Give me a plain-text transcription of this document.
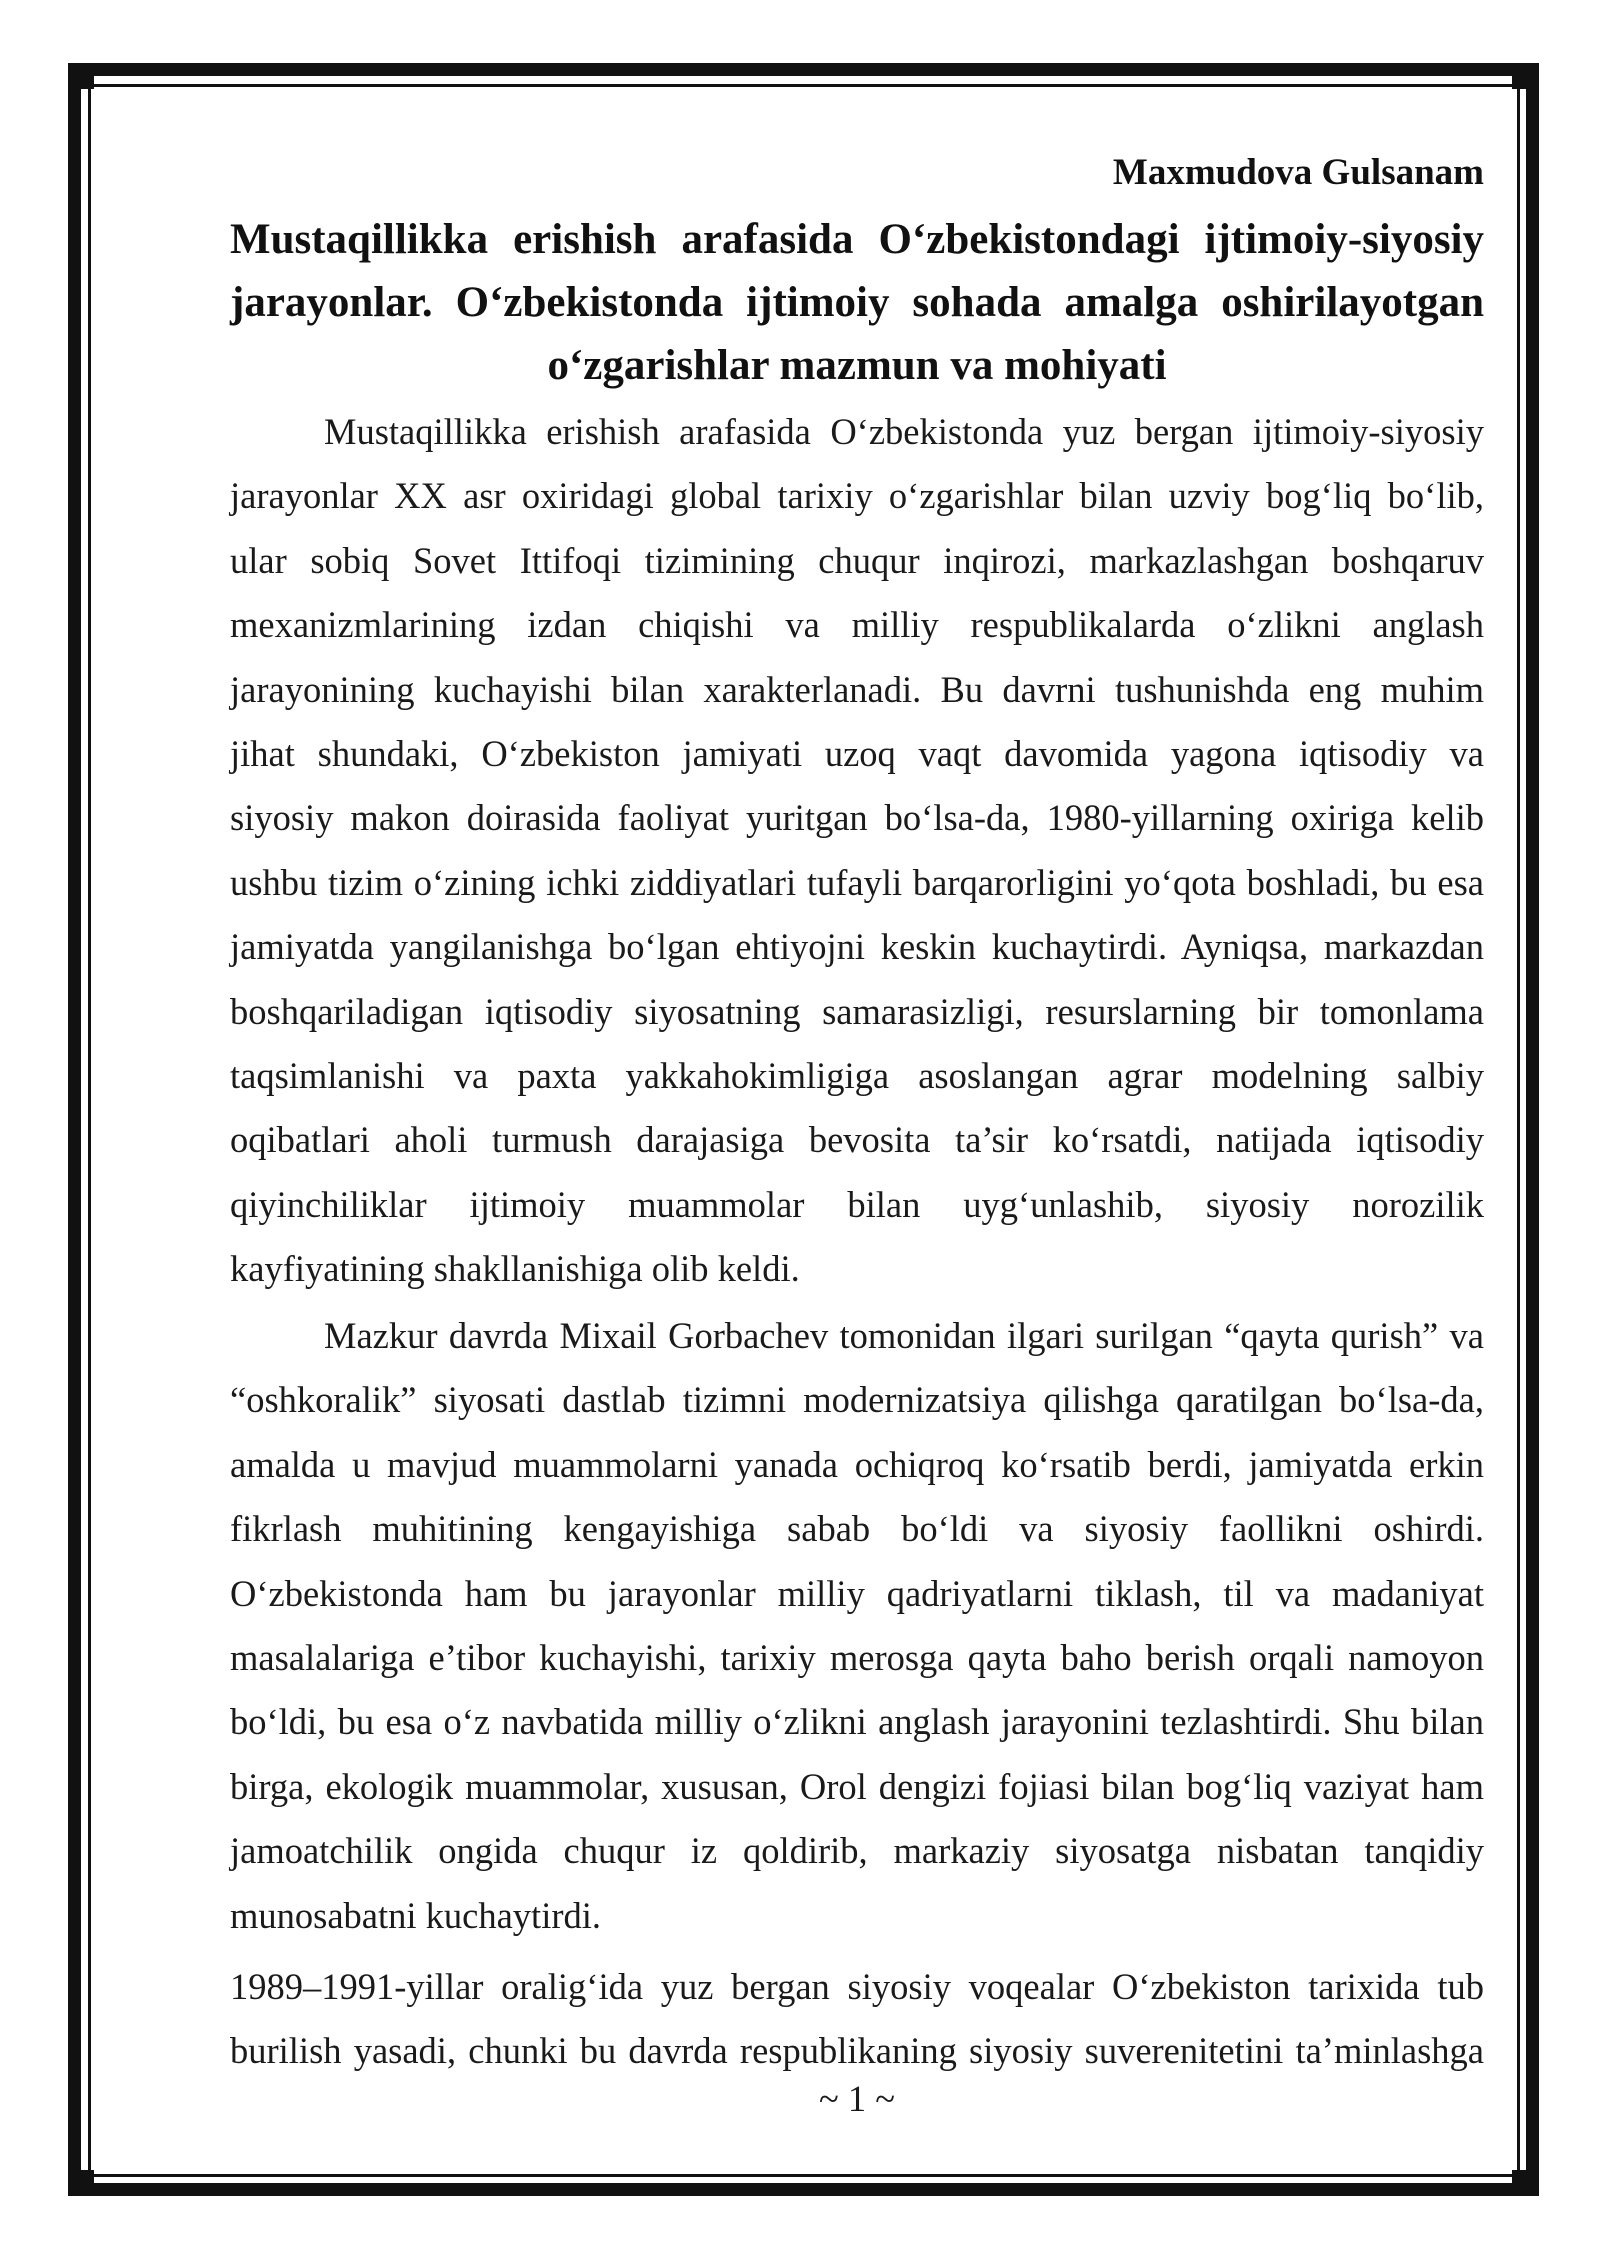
Maxmudova Gulsanam
Mustaqillikka erishish arafasida O‘zbekistondagi ijtimoiy-siyosiy
jarayonlar. O‘zbekistonda ijtimoiy sohada amalga oshirilayotgan
o‘zgarishlar mazmun va mohiyati
Mustaqillikka erishish arafasida O‘zbekistonda yuz bergan ijtimoiy-siyosiy
jarayonlar XX asr oxiridagi global tarixiy o‘zgarishlar bilan uzviy bog‘liq bo‘lib,
ular sobiq Sovet Ittifoqi tizimining chuqur inqirozi, markazlashgan boshqaruv
mexanizmlarining izdan chiqishi va milliy respublikalarda o‘zlikni anglash
jarayonining kuchayishi bilan xarakterlanadi. Bu davrni tushunishda eng muhim
jihat shundaki, O‘zbekiston jamiyati uzoq vaqt davomida yagona iqtisodiy va
siyosiy makon doirasida faoliyat yuritgan bo‘lsa-da, 1980-yillarning oxiriga kelib
ushbu tizim o‘zining ichki ziddiyatlari tufayli barqarorligini yo‘qota boshladi, bu esa
jamiyatda yangilanishga bo‘lgan ehtiyojni keskin kuchaytirdi. Ayniqsa, markazdan
boshqariladigan iqtisodiy siyosatning samarasizligi, resurslarning bir tomonlama
taqsimlanishi va paxta yakkahokimligiga asoslangan agrar modelning salbiy
oqibatlari aholi turmush darajasiga bevosita ta’sir ko‘rsatdi, natijada iqtisodiy
qiyinchiliklar ijtimoiy muammolar bilan uyg‘unlashib, siyosiy norozilik
kayfiyatining shakllanishiga olib keldi.
Mazkur davrda Mixail Gorbachev tomonidan ilgari surilgan “qayta qurish” va
“oshkoralik” siyosati dastlab tizimni modernizatsiya qilishga qaratilgan bo‘lsa-da,
amalda u mavjud muammolarni yanada ochiqroq ko‘rsatib berdi, jamiyatda erkin
fikrlash muhitining kengayishiga sabab bo‘ldi va siyosiy faollikni oshirdi.
O‘zbekistonda ham bu jarayonlar milliy qadriyatlarni tiklash, til va madaniyat
masalalariga e’tibor kuchayishi, tarixiy merosga qayta baho berish orqali namoyon
bo‘ldi, bu esa o‘z navbatida milliy o‘zlikni anglash jarayonini tezlashtirdi. Shu bilan
birga, ekologik muammolar, xususan, Orol dengizi fojiasi bilan bog‘liq vaziyat ham
jamoatchilik ongida chuqur iz qoldirib, markaziy siyosatga nisbatan tanqidiy
munosabatni kuchaytirdi.
1989–1991-yillar oralig‘ida yuz bergan siyosiy voqealar O‘zbekiston tarixida tub
burilish yasadi, chunki bu davrda respublikaning siyosiy suverenitetini ta’minlashga
~ 1 ~
